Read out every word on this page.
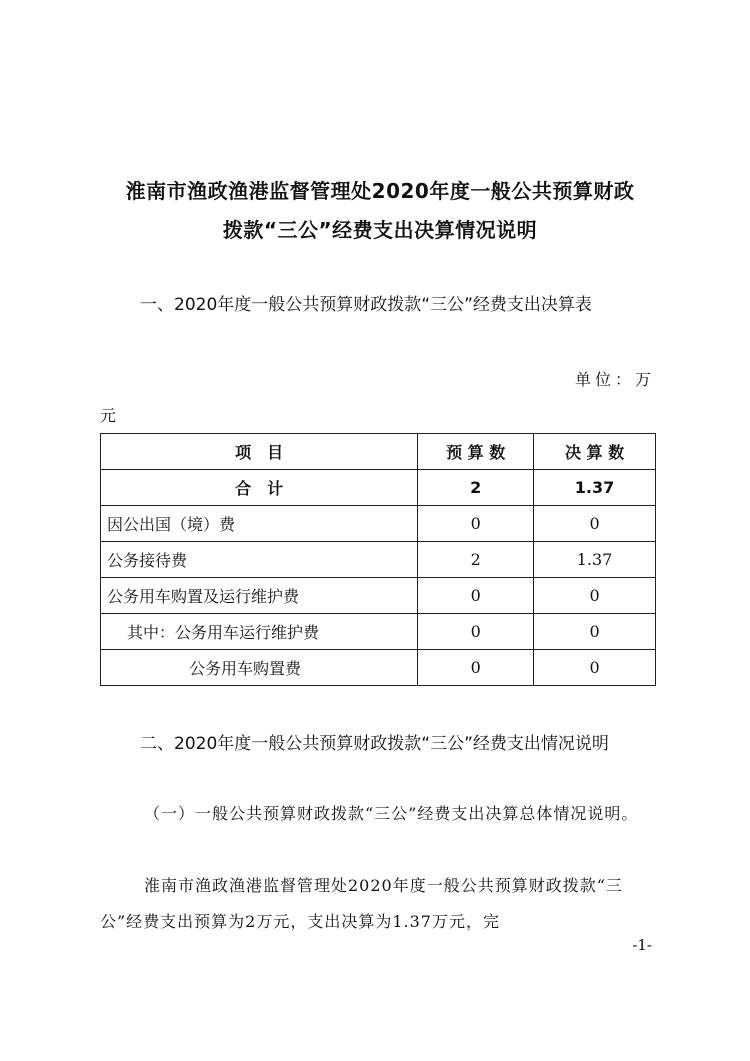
淮南市渔政渔港监督管理处2020年度一般公共预算财政
拨款“三公”经费支出决算情况说明
一、2020年度一般公共预算财政拨款“三公”经费支出决算表
单位：万
元
项　目	预 算 数	决 算 数
合　计	2	1.37
因公出国（境）费	0	0
公务接待费	2	1.37
公务用车购置及运行维护费	0	0
其中：公务用车运行维护费	0	0
公务用车购置费	0	0
二、2020年度一般公共预算财政拨款“三公”经费支出情况说明
（一）一般公共预算财政拨款“三公”经费支出决算总体情况说明。
淮南市渔政渔港监督管理处2020年度一般公共预算财政拨款“三公”经费支出预算为2万元，支出决算为1.37万元，完
-1-
